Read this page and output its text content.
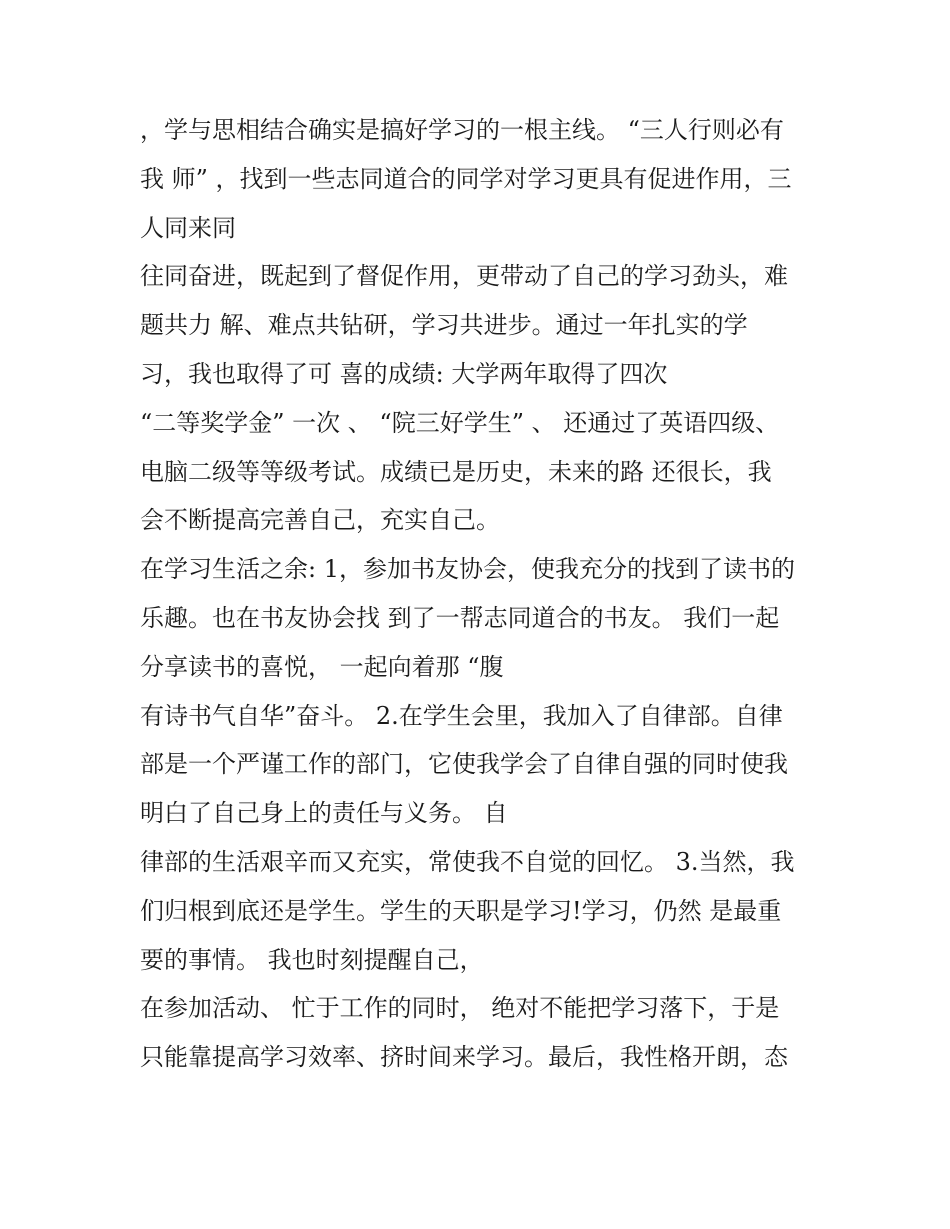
，学与思相结合确实是搞好学习的一根主线。 “三人行则必有
我 师” ，找到一些志同道合的同学对学习更具有促进作用，三
人同来同
往同奋进，既起到了督促作用，更带动了自己的学习劲头，难
题共力 解、难点共钻研，学习共进步。通过一年扎实的学
习，我也取得了可 喜的成绩: 大学两年取得了四次
“二等奖学金” 一次 、 “院三好学生” 、 还通过了英语四级、
电脑二级等等级考试。成绩已是历史，未来的路 还很长，我
会不断提高完善自己，充实自己。
在学习生活之余: 1，参加书友协会，使我充分的找到了读书的
乐趣。也在书友协会找 到了一帮志同道合的书友。 我们一起
分享读书的喜悦， 一起向着那 “腹
有诗书气自华”奋斗。 2.在学生会里，我加入了自律部。自律
部是一个严谨工作的部门，它使我学会了自律自强的同时使我
明白了自己身上的责任与义务。 自
律部的生活艰辛而又充实，常使我不自觉的回忆。 3.当然，我
们归根到底还是学生。学生的天职是学习!学习，仍然 是最重
要的事情。 我也时刻提醒自己，
在参加活动、 忙于工作的同时， 绝对不能把学习落下，于是
只能靠提高学习效率、挤时间来学习。最后，我性格开朗，态
